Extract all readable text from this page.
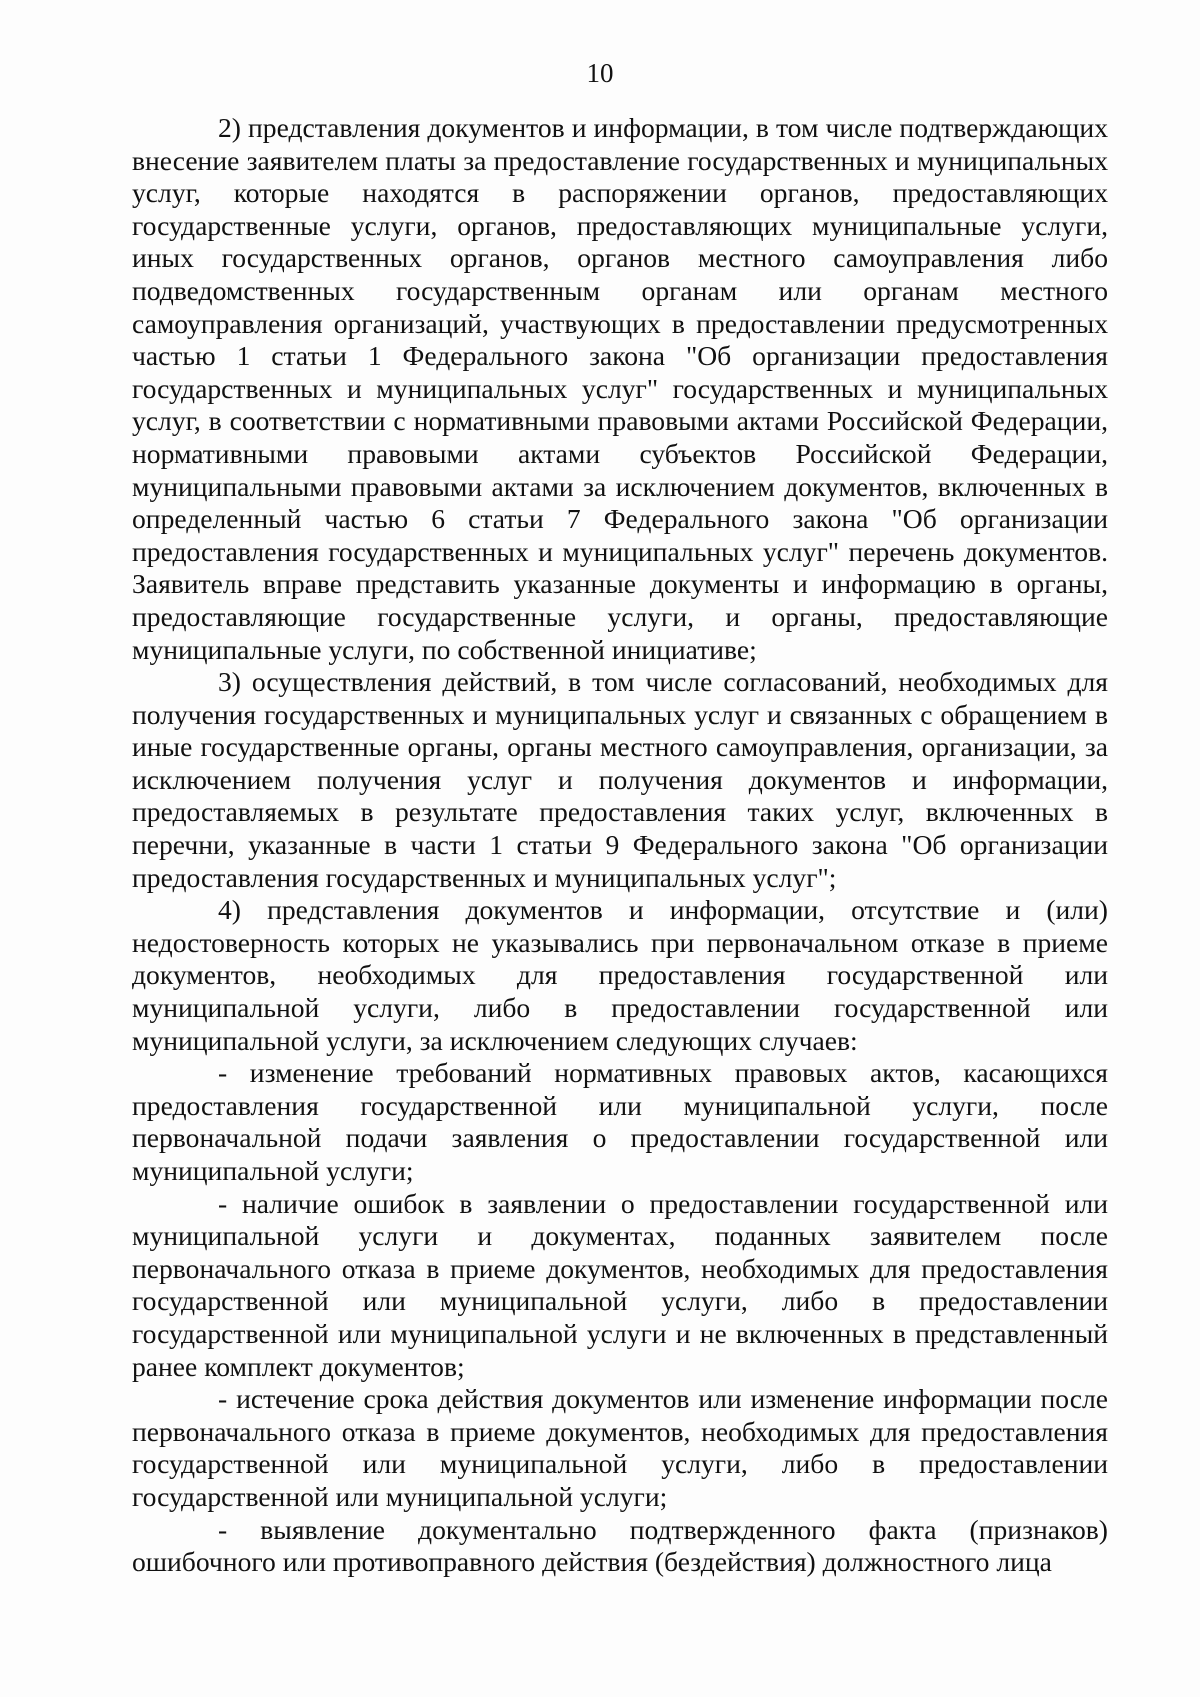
10

2) представления документов и информации, в том числе подтверждающих внесение заявителем платы за предоставление государственных и муниципальных услуг, которые находятся в распоряжении органов, предоставляющих государственные услуги, органов, предоставляющих муниципальные услуги, иных государственных органов, органов местного самоуправления либо подведомственных государственным органам или органам местного самоуправления организаций, участвующих в предоставлении предусмотренных частью 1 статьи 1 Федерального закона "Об организации предоставления государственных и муниципальных услуг" государственных и муниципальных услуг, в соответствии с нормативными правовыми актами Российской Федерации, нормативными правовыми актами субъектов Российской Федерации, муниципальными правовыми актами за исключением документов, включенных в определенный частью 6 статьи 7 Федерального закона "Об организации предоставления государственных и муниципальных услуг" перечень документов. Заявитель вправе представить указанные документы и информацию в органы, предоставляющие государственные услуги, и органы, предоставляющие муниципальные услуги, по собственной инициативе;

3) осуществления действий, в том числе согласований, необходимых для получения государственных и муниципальных услуг и связанных с обращением в иные государственные органы, органы местного самоуправления, организации, за исключением получения услуг и получения документов и информации, предоставляемых в результате предоставления таких услуг, включенных в перечни, указанные в части 1 статьи 9 Федерального закона "Об организации предоставления государственных и муниципальных услуг";

4) представления документов и информации, отсутствие и (или) недостоверность которых не указывались при первоначальном отказе в приеме документов, необходимых для предоставления государственной или муниципальной услуги, либо в предоставлении государственной или муниципальной услуги, за исключением следующих случаев:

- изменение требований нормативных правовых актов, касающихся предоставления государственной или муниципальной услуги, после первоначальной подачи заявления о предоставлении государственной или муниципальной услуги;

- наличие ошибок в заявлении о предоставлении государственной или муниципальной услуги и документах, поданных заявителем после первоначального отказа в приеме документов, необходимых для предоставления государственной или муниципальной услуги, либо в предоставлении государственной или муниципальной услуги и не включенных в представленный ранее комплект документов;

- истечение срока действия документов или изменение информации после первоначального отказа в приеме документов, необходимых для предоставления государственной или муниципальной услуги, либо в предоставлении государственной или муниципальной услуги;

- выявление документально подтвержденного факта (признаков) ошибочного или противоправного действия (бездействия) должностного лица
